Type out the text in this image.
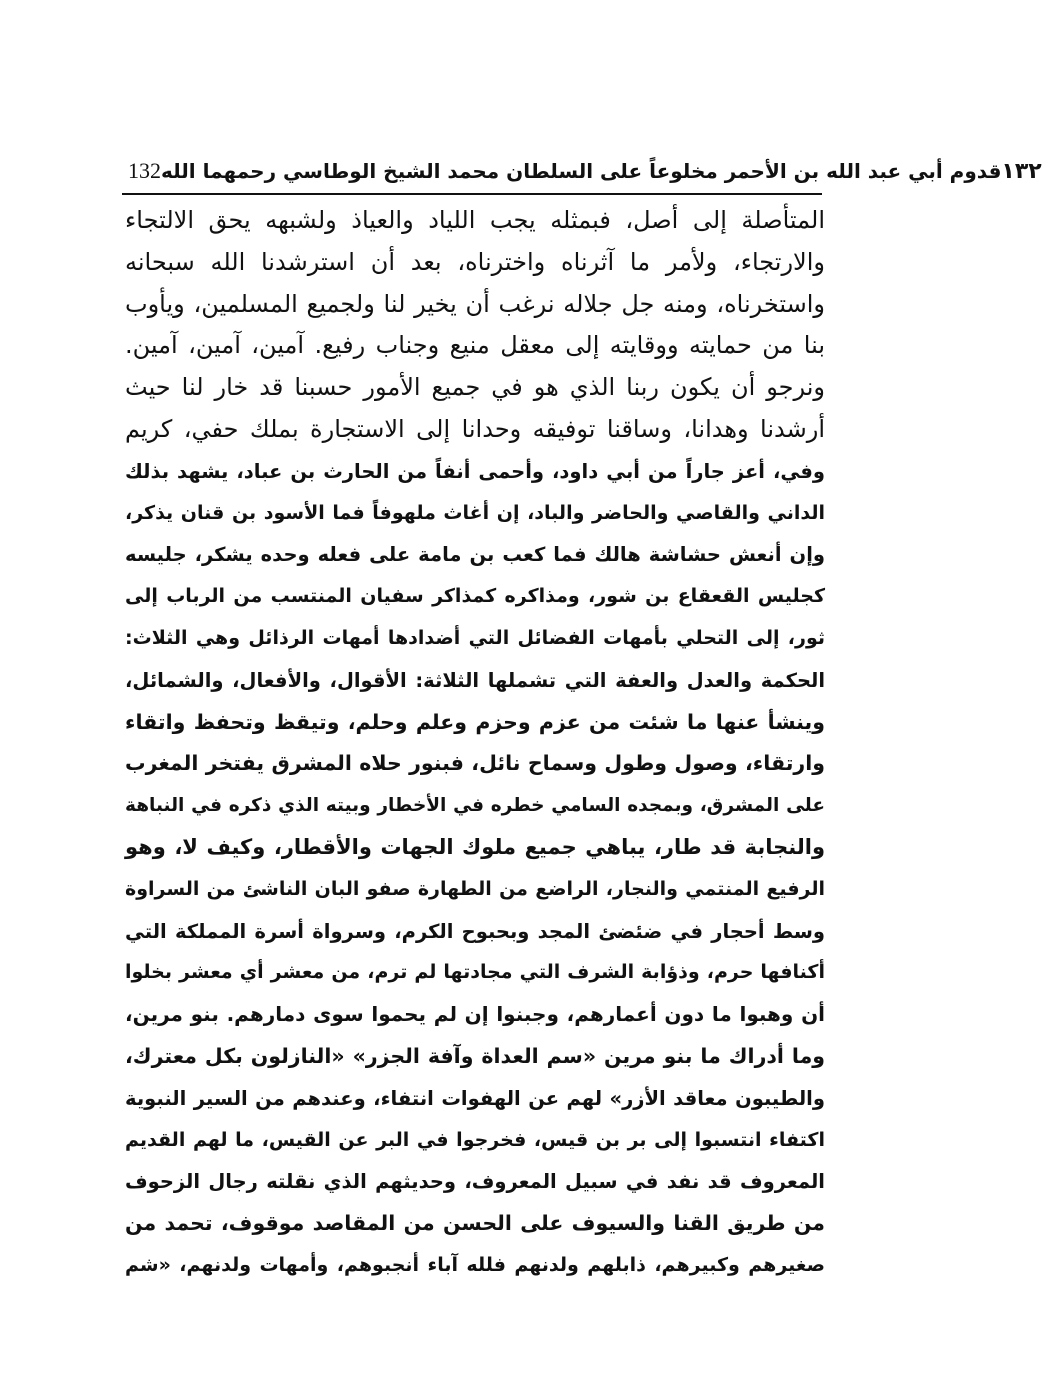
132 قدوم أبي عبد الله بن الأحمر مخلوعاً على السلطان محمد الشيخ الوطاسي رحمهما الله ١٣٢
المتأصلة إلى أصل، فبمثله يجب اللياد والعياذ ولشبهه يحق الالتجاء
والارتجاء، ولأمر ما آثرناه واخترناه، بعد أن استرشدنا الله سبحانه
واستخرناه، ومنه جل جلاله نرغب أن يخير لنا ولجميع المسلمين، ويأوب
بنا من حمايته ووقايته إلى معقل منيع وجناب رفيع. آمين، آمين، آمين.
ونرجو أن يكون ربنا الذي هو في جميع الأمور حسبنا قد خار لنا حيث
أرشدنا وهدانا، وساقنا توفيقه وحدانا إلى الاستجارة بملك حفي، كريم
وفي، أعز جاراً من أبي داود، وأحمى أنفاً من الحارث بن عباد، يشهد بذلك
الداني والقاصي والحاضر والباد، إن أغاث ملهوفاً فما الأسود بن قنان يذكر،
وإن أنعش حشاشة هالك فما كعب بن مامة على فعله وحده يشكر، جليسه
كجليس القعقاع بن شور، ومذاكره كمذاكر سفيان المنتسب من الرباب إلى
ثور، إلى التحلي بأمهات الفضائل التي أضدادها أمهات الرذائل وهي الثلاث:
الحكمة والعدل والعفة التي تشملها الثلاثة: الأقوال، والأفعال، والشمائل،
وينشأ عنها ما شئت من عزم وحزم وعلم وحلم، وتيقظ وتحفظ واتقاء
وارتقاء، وصول وطول وسماح نائل، فبنور حلاه المشرق يفتخر المغرب
على المشرق، وبمجده السامي خطره في الأخطار وبيته الذي ذكره في النباهة
والنجابة قد طار، يباهي جميع ملوك الجهات والأقطار، وكيف لا، وهو
الرفيع المنتمي والنجار، الراضع من الطهارة صفو البان الناشئ من السراوة
وسط أحجار في ضئضئ المجد وبحبوح الكرم، وسرواة أسرة المملكة التي
أكنافها حرم، وذؤابة الشرف التي مجادتها لم ترم، من معشر أي معشر بخلوا
أن وهبوا ما دون أعمارهم، وجبنوا إن لم يحموا سوى دمارهم. بنو مرين،
وما أدراك ما بنو مرين «سم العداة وآفة الجزر» «النازلون بكل معترك،
والطيبون معاقد الأزر» لهم عن الهفوات انتفاء، وعندهم من السير النبوية
اكتفاء انتسبوا إلى بر بن قيس، فخرجوا في البر عن القيس، ما لهم القديم
المعروف قد نفد في سبيل المعروف، وحديثهم الذي نقلته رجال الزحوف
من طريق القنا والسيوف على الحسن من المقاصد موقوف، تحمد من
صغيرهم وكبيرهم، ذابلهم ولدنهم فلله آباء أنجبوهم، وأمهات ولدنهم، «شم
